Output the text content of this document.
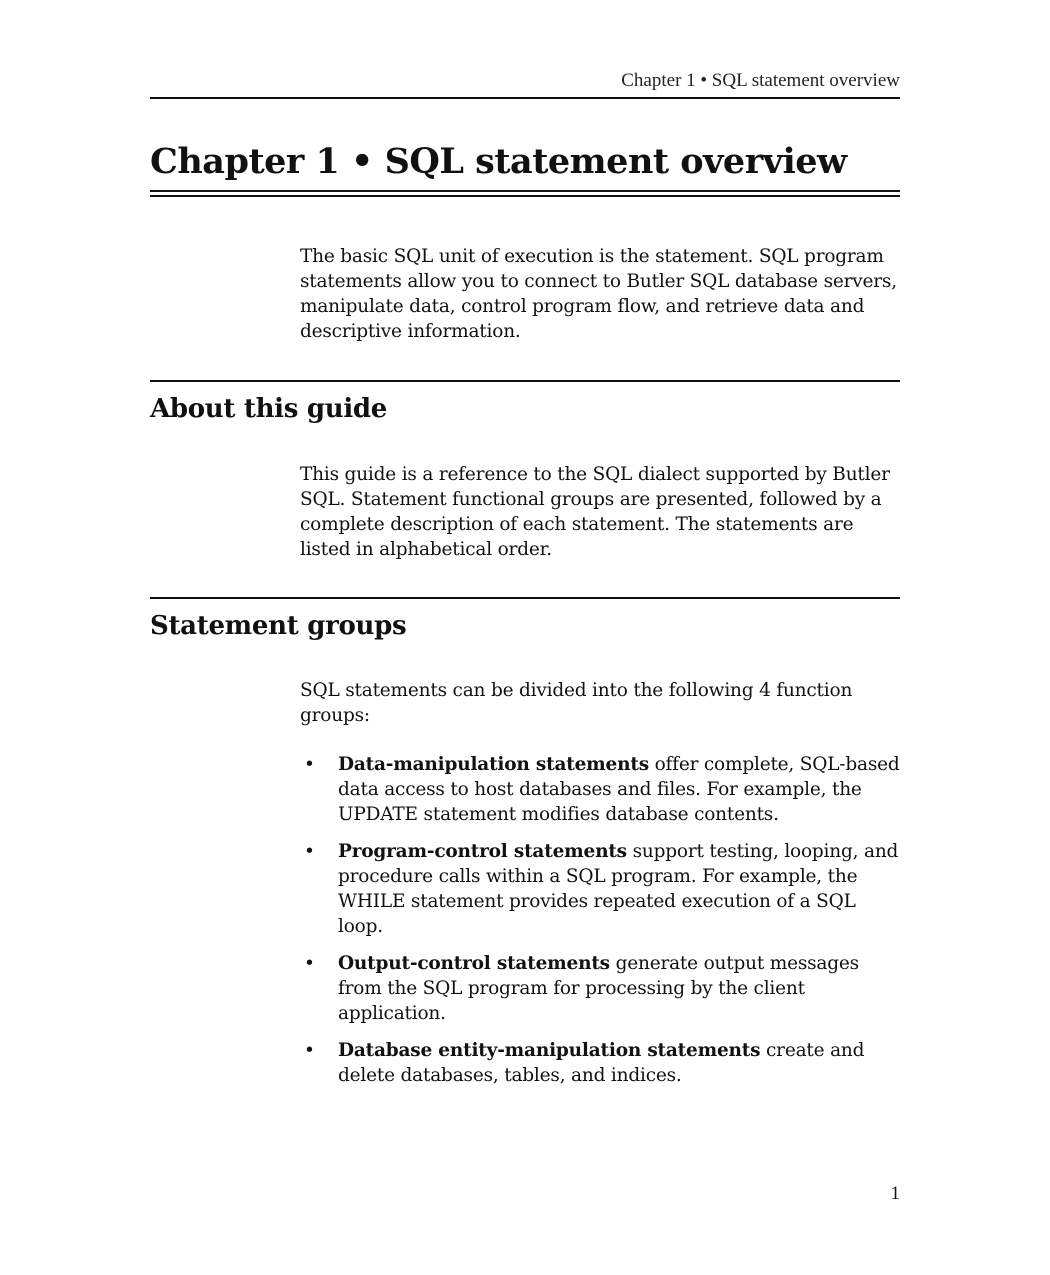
Chapter 1 • SQL statement overview
Chapter 1 • SQL statement overview

The basic SQL unit of execution is the statement. SQL program statements allow you to connect to Butler SQL database servers, manipulate data, control program flow, and retrieve data and descriptive information.

About this guide

This guide is a reference to the SQL dialect supported by Butler SQL. Statement functional groups are presented, followed by a complete description of each statement. The statements are listed in alphabetical order.

Statement groups

SQL statements can be divided into the following 4 function groups:

• Data-manipulation statements offer complete, SQL-based data access to host databases and files. For example, the UPDATE statement modifies database contents.
• Program-control statements support testing, looping, and procedure calls within a SQL program. For example, the WHILE statement provides repeated execution of a SQL loop.
• Output-control statements generate output messages from the SQL program for processing by the client application.
• Database entity-manipulation statements create and delete databases, tables, and indices.
1
